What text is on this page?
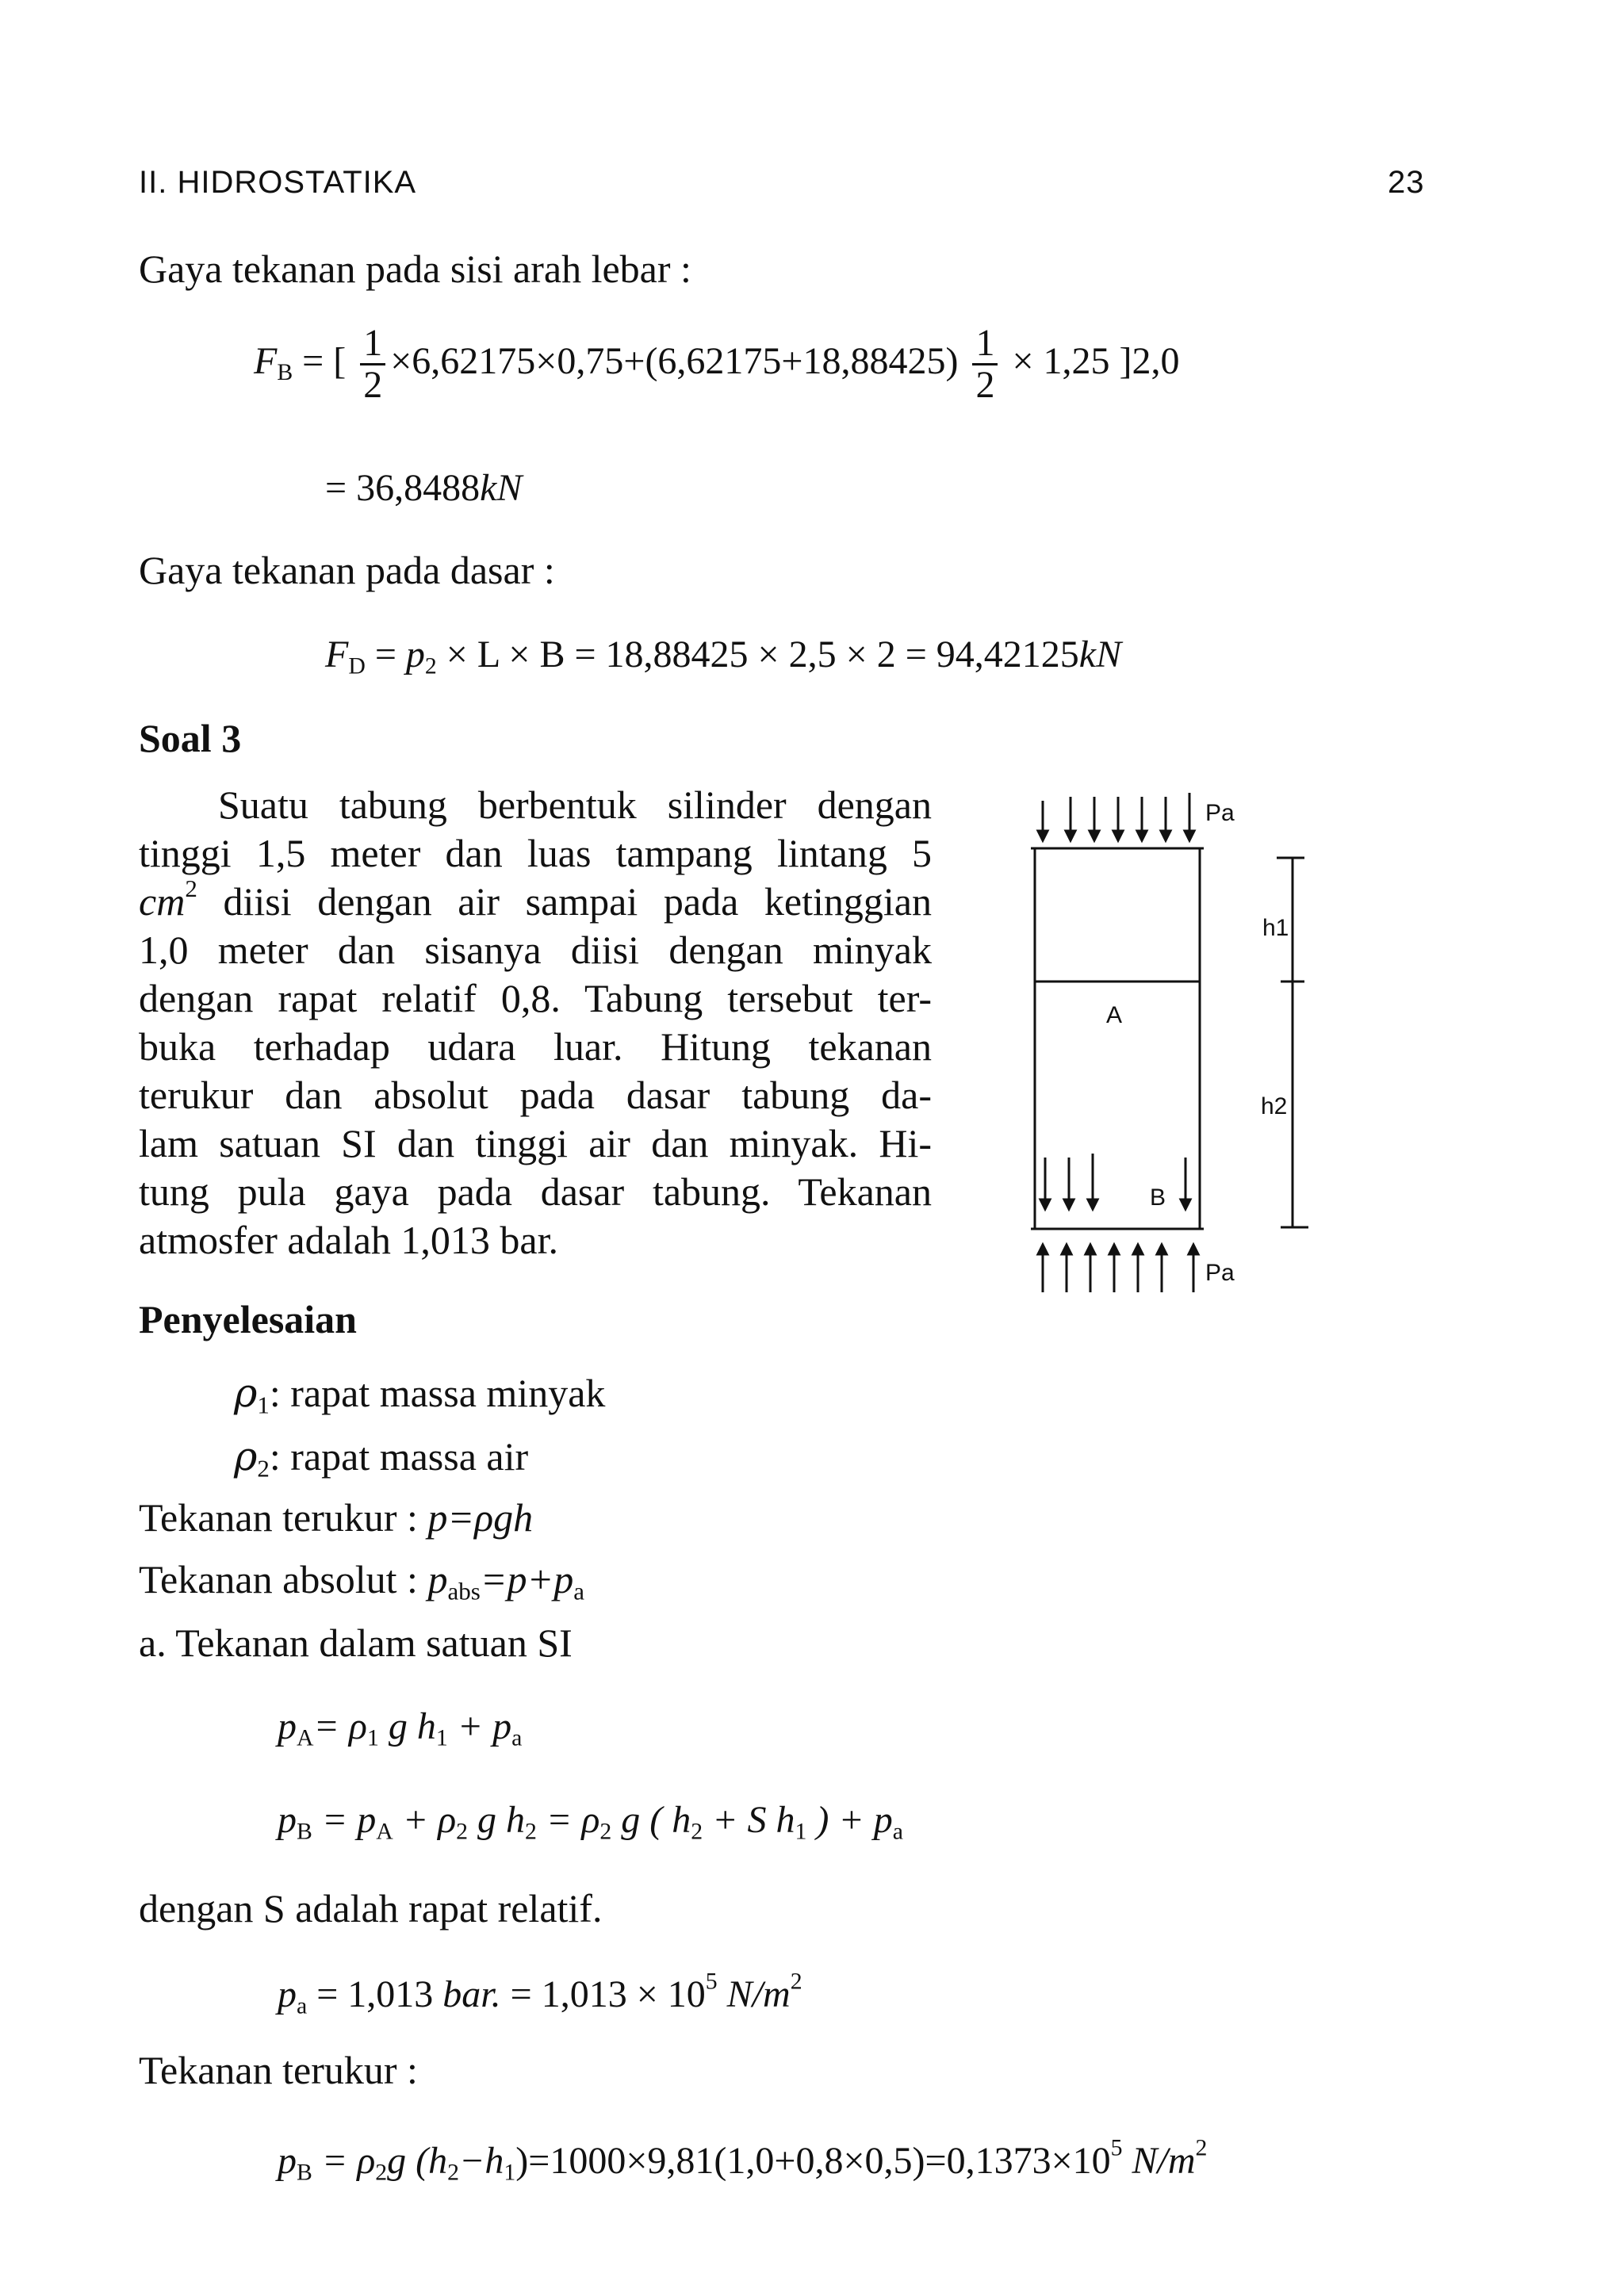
II. HIDROSTATIKA	23
Gaya tekanan pada sisi arah lebar :
$F_B$ = [ $\frac{1}{2} \times 6,62175\times 0,75+(6,62175+18,88425) \frac{1}{2} \times 1,25$ ]2,0
= 36,8488kN
Gaya tekanan pada dasar :
$F_D = p_2 \times L \times B = 18,88425 \times 2,5 \times 2 = 94,42125kN$
Soal 3
Suatu tabung berbentuk silinder dengan
tinggi 1,5 meter dan luas tampang lintang 5
$cm^2$ diisi dengan air sampai pada ketinggian
1,0 meter dan sisanya diisi dengan minyak
dengan rapat relatif 0,8. Tabung tersebut ter-
buka terhadap udara luar. Hitung tekanan
terukur dan absolut pada dasar tabung da-
lam satuan SI dan tinggi air dan minyak. Hi-
tung pula gaya pada dasar tabung. Tekanan
atmosfer adalah 1,013 bar.
Pa
h1
A
h2
B
Pa
Penyelesaian
$\rho_1$: rapat massa minyak
$\rho_2$: rapat massa air
Tekanan terukur : p=ρgh
Tekanan absolut : $p_{abs}=p+p_a$
a. Tekanan dalam satuan SI
$p_A= \rho_1$ g $h_1 + p_a$
$p_B = p_A + \rho_2$ g $h_2 = \rho_2$ g ( $h_2 + S$ $h_1$ ) + $p_a$
dengan S adalah rapat relatif.
$p_a = 1,013$ bar. = $1,013 \times 10^5$ $N/m^2$
Tekanan terukur :
$p_B = \rho_2g$ $(h_2-h_1)=1000\times 9,81(1,0+0,8\times 0,5)=0,1373\times 10^5$ $N/m^2$
